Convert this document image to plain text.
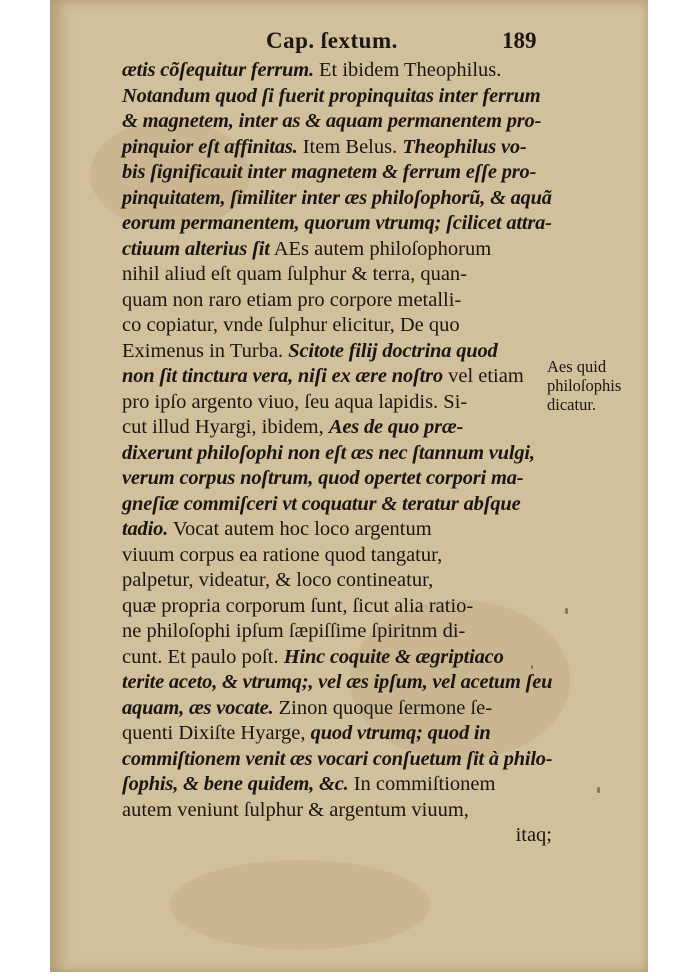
Cap. ſextum.	189
ætis cõſequitur ferrum. Et ibidem Theophilus.
Notandum quod ſi fuerit propinquitas inter ferrum
& magnetem, inter as & aquam permanentem pro-
pinquior eſt affinitas. Item Belus. Theophilus vo-
bis ſignificauit inter magnetem & ferrum eſſe pro-
pinquitatem, ſimiliter inter æs philoſophorũ, & aquã
eorum permanentem, quorum vtrumq; ſcilicet attra-
ctiuum alterius ſit AEs autem philoſophorum
nihil aliud eſt quam ſulphur & terra, quan-
quam non raro etiam pro corpore metalli-
co copiatur, vnde ſulphur elicitur, De quo
Eximenus in Turba. Scitote filij doctrina quod
non ſit tinctura vera, niſi ex ære noſtro vel etiam
pro ipſo argento viuo, ſeu aqua lapidis. Si-
cut illud Hyargi, ibidem, Aes de quo præ-
dixerunt philoſophi non eſt æs nec ſtannum vulgi,
verum corpus noſtrum, quod opertet corpori ma-
gneſiæ commiſceri vt coquatur & teratur abſque
tadio. Vocat autem hoc loco argentum
viuum corpus ea ratione quod tangatur,
palpetur, videatur, & loco contineatur,
quæ propria corporum ſunt, ſicut alia ratio-
ne philoſophi ipſum ſæpiſſime ſpiritnm di-
cunt. Et paulo poſt. Hinc coquite & ægriptiaco
terite aceto, & vtrumq;, vel æs ipſum, vel acetum ſeu
aquam, æs vocate. Zinon quoque ſermone ſe-
quenti Dixiſte Hyarge, quod vtrumq; quod in
commiſtionem venit æs vocari conſuetum ſit à philo-
ſophis, & bene quidem, &c. In commiſtionem
autem veniunt ſulphur & argentum viuum,
itaq;
Aes quid
philoſophis
dicatur.
